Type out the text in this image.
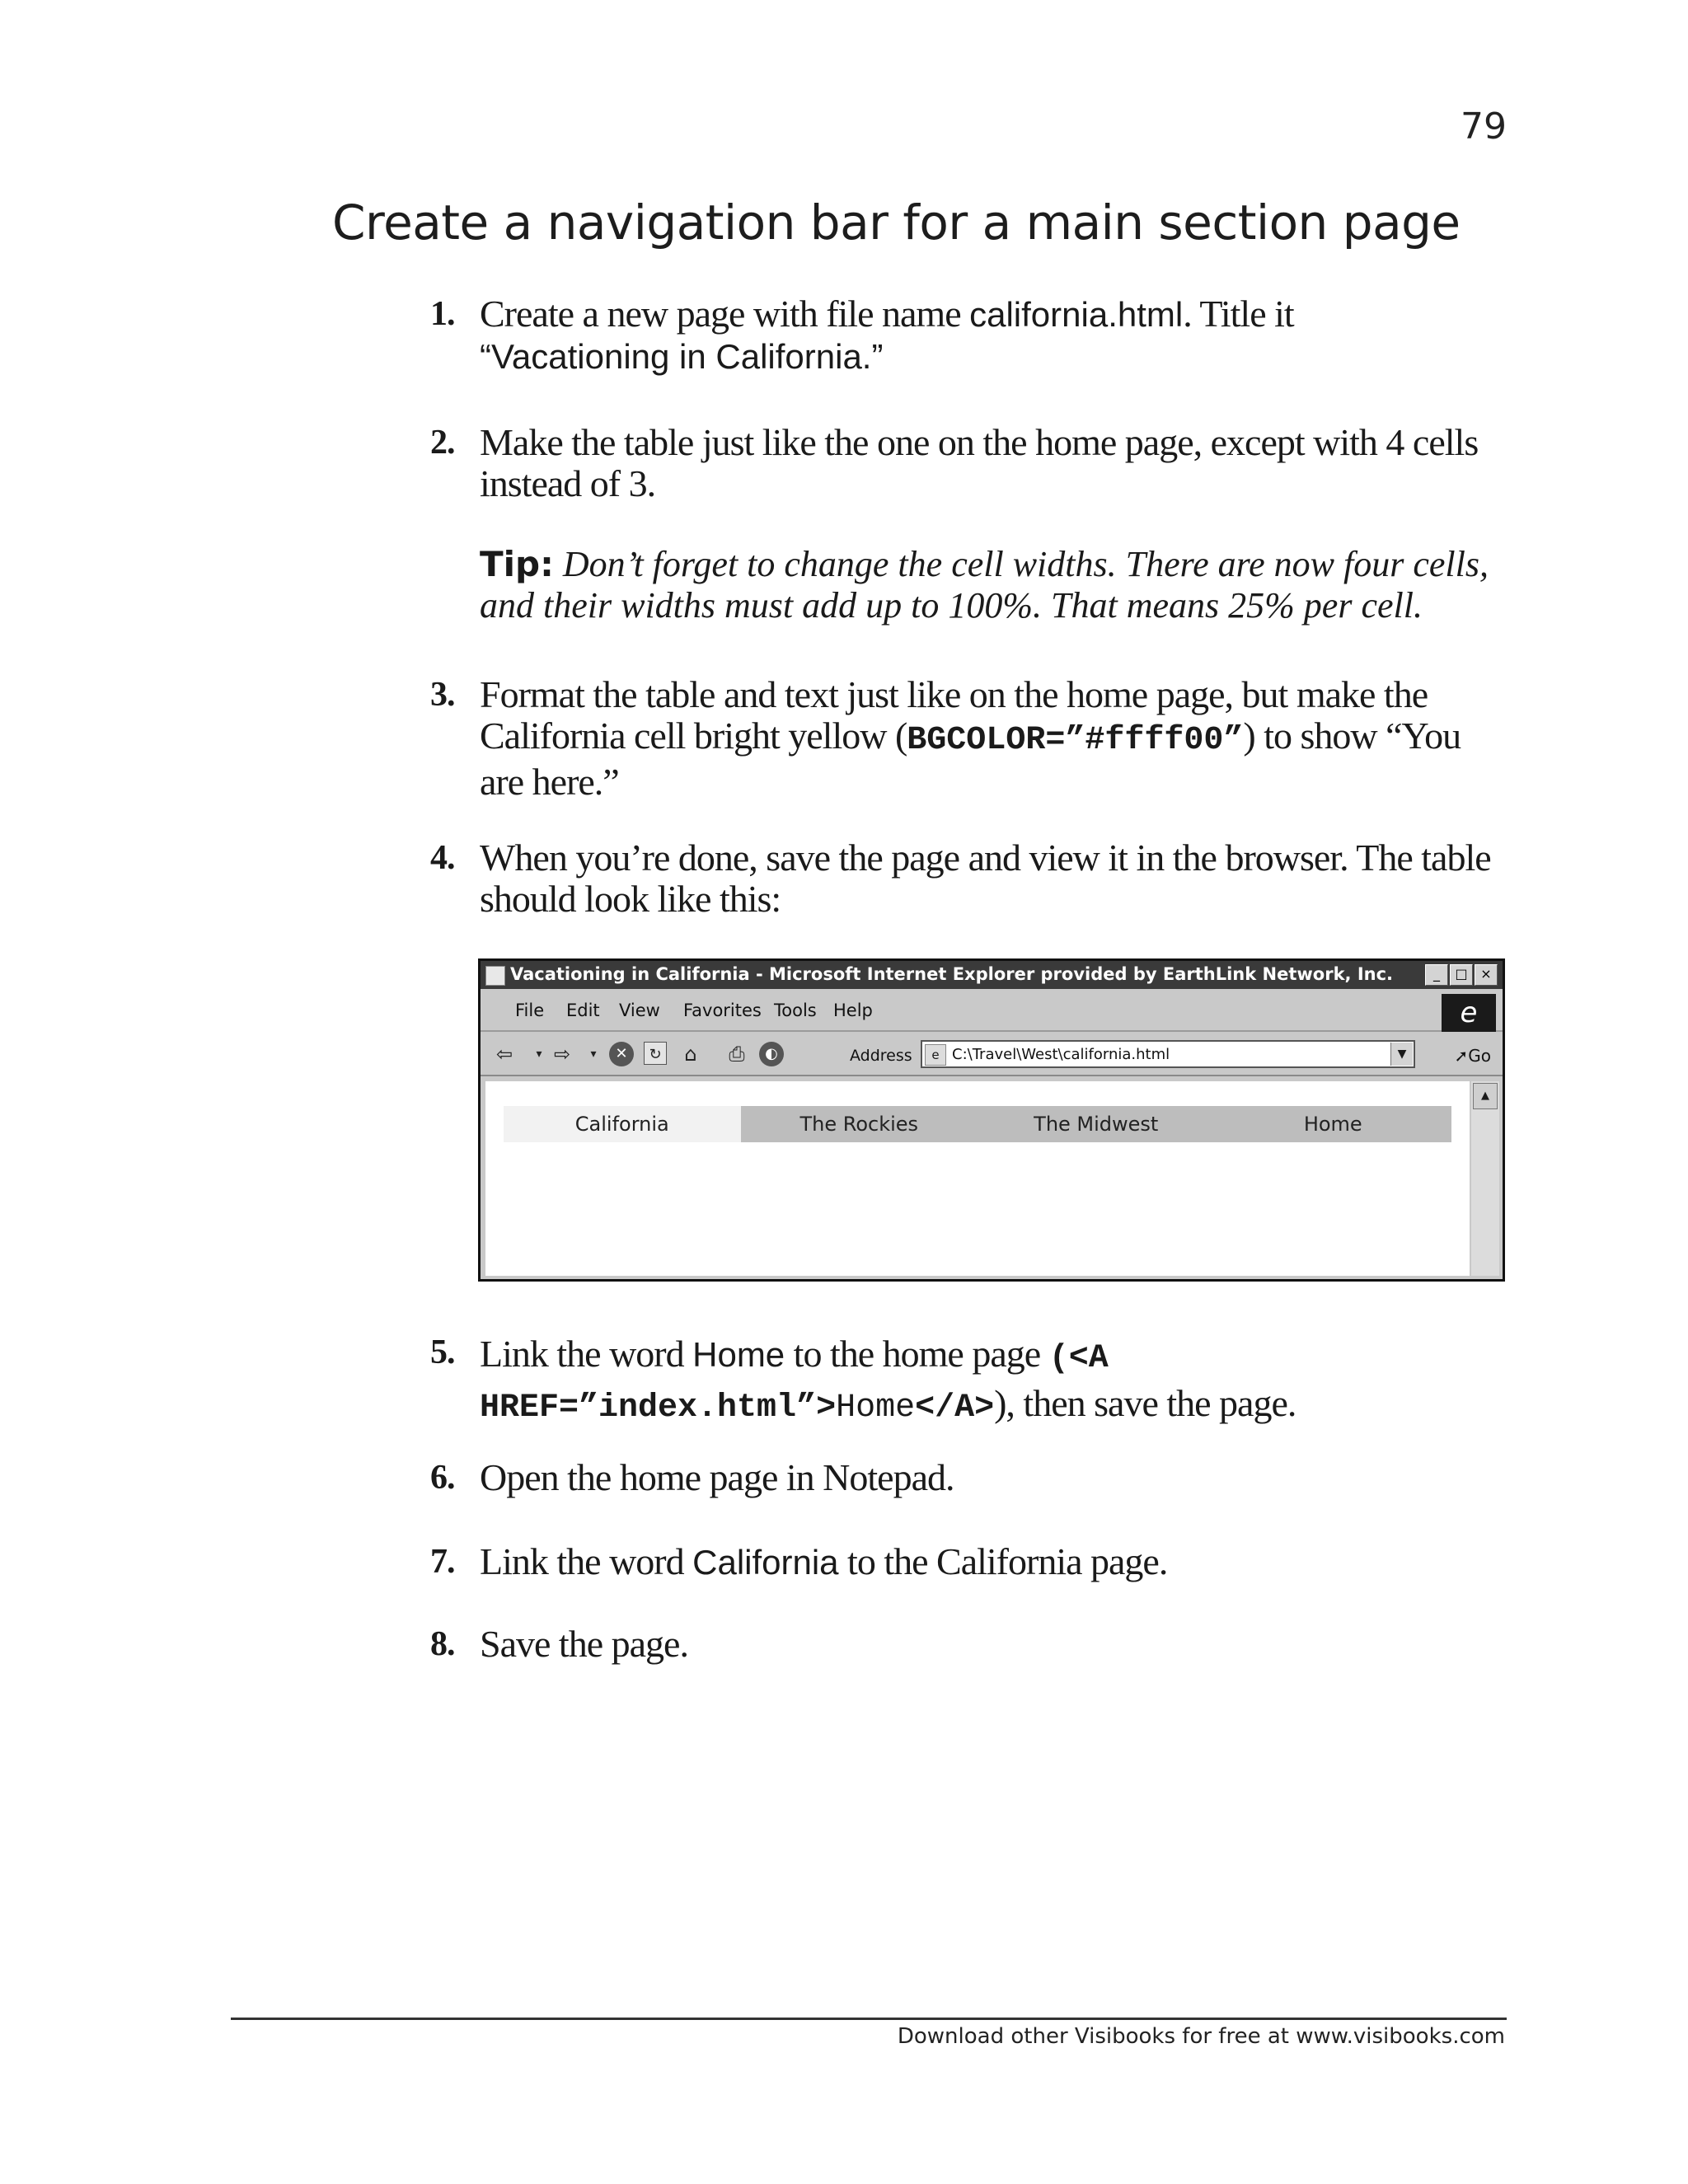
79
Create a navigation bar for a main section page
1. Create a new page with file name california.html. Title it
“Vacationing in California.”
2. Make the table just like the one on the home page, except with 4 cells instead of 3.
Tip: Don’t forget to change the cell widths. There are now four cells, and their widths must add up to 100%. That means 25% per cell.
3. Format the table and text just like on the home page, but make the California cell bright yellow (BGCOLOR=”#ffff00”) to show “You are here.”
4. When you’re done, save the page and view it in the browser. The table should look like this:
Vacationing in California - Microsoft Internet Explorer provided by EarthLink Network, Inc.	_ □ ×
File Edit View Favorites Tools Help	e
⇦	▾ ⇨	▾	✕	↻	⌂	⎙	◐	Address	e C:\Travel\West\california.html	▼	➚Go
California	The Rockies	The Midwest	Home
▲
5. Link the word Home to the home page (<A HREF=”index.html”>Home</A>), then save the page.
6. Open the home page in Notepad.
7. Link the word California to the California page.
8. Save the page.
Download other Visibooks for free at www.visibooks.com
